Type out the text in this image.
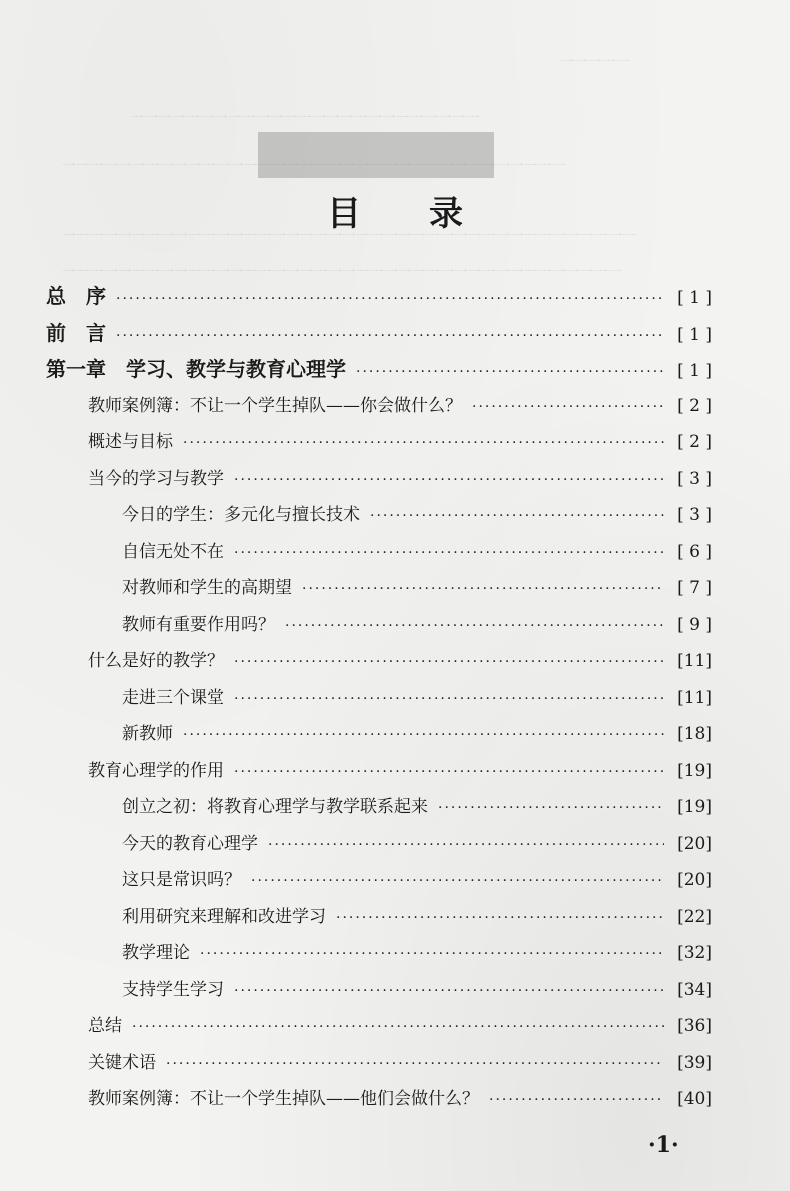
一一一一一
一一一一一一一一一一一一一一一一一一一一一一一一一
一一一一一一一一一一一一一一一一一一一一一一一一一一一一一一一一一一一一
一一一一一一一一一一一一一一一一一一一一一一一一一一一一一一一一一一一一一一一一一
一一一一一一一一一一一一一一一一一一一一一一一一一一一一一一一一一一一一一一一一
目录
总　序 ·····	[ 1 ]
前　言 ·····	[ 1 ]
第一章　学习、教学与教育心理学 ·····	[ 1 ]
教师案例簿：不让一个学生掉队——你会做什么？ ·····	[ 2 ]
概述与目标 ·····	[ 2 ]
当今的学习与教学 ·····	[ 3 ]
今日的学生：多元化与擅长技术 ·····	[ 3 ]
自信无处不在 ·····	[ 6 ]
对教师和学生的高期望 ·····	[ 7 ]
教师有重要作用吗？ ·····	[ 9 ]
什么是好的教学？ ·····	[11]
走进三个课堂 ·····	[11]
新教师 ·····	[18]
教育心理学的作用 ·····	[19]
创立之初：将教育心理学与教学联系起来 ·····	[19]
今天的教育心理学 ·····	[20]
这只是常识吗？ ·····	[20]
利用研究来理解和改进学习 ·····	[22]
教学理论 ·····	[32]
支持学生学习 ·····	[34]
总结 ·····	[36]
关键术语 ·····	[39]
教师案例簿：不让一个学生掉队——他们会做什么？ ·····	[40]
·1·
